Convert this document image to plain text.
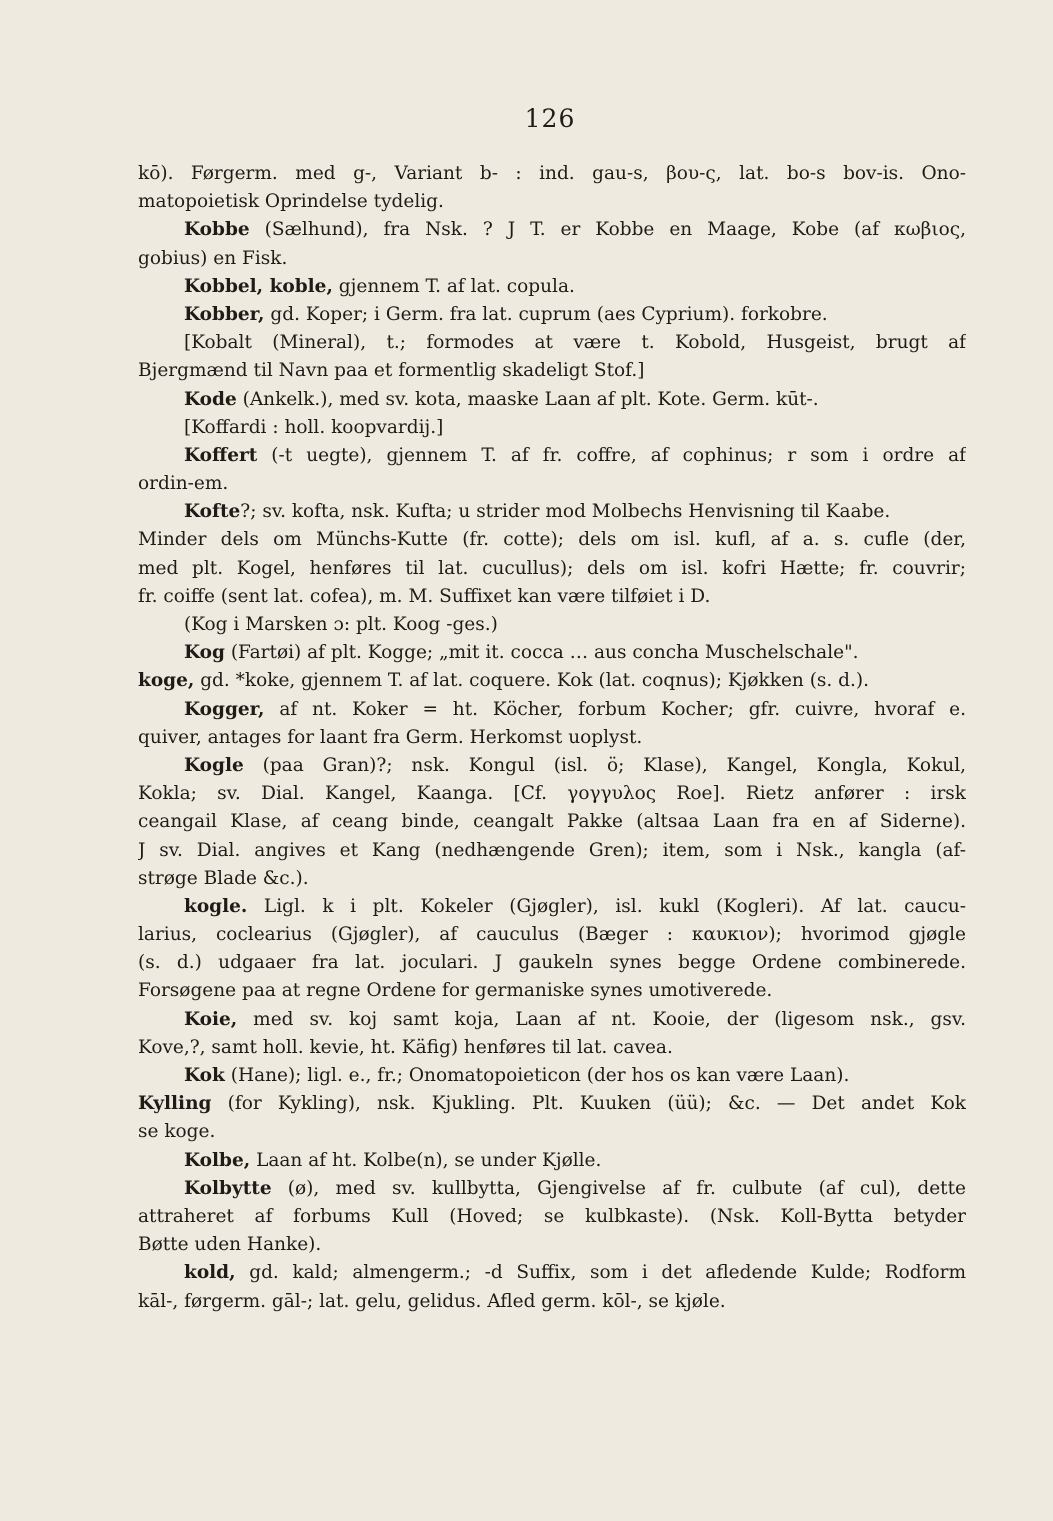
126

kō). Førgerm. med g-, Variant b- : ind. gau-s, βου-ς, lat. bo-s bov-is. Ono-

matopoietisk Oprindelse tydelig.

Kobbe (Sælhund), fra Nsk. ? J T. er Kobbe en Maage, Kobe (af κωβιος,

gobius) en Fisk.

Kobbel, koble, gjennem T. af lat. copula.

Kobber, gd. Koper; i Germ. fra lat. cuprum (aes Cyprium). forkobre.

[Kobalt (Mineral), t.; formodes at være t. Kobold, Husgeist, brugt af

Bjergmænd til Navn paa et formentlig skadeligt Stof.]

Kode (Ankelk.), med sv. kota, maaske Laan af plt. Kote. Germ. kūt-.

[Koffardi : holl. koopvardij.]

Koffert (-t uegte), gjennem T. af fr. coffre, af cophinus; r som i ordre af

ordin-em.

Kofte?; sv. kofta, nsk. Kufta; u strider mod Molbechs Henvisning til Kaabe.

Minder dels om Münchs-Kutte (fr. cotte); dels om isl. kufl, af a. s. cufle (der,

med plt. Kogel, henføres til lat. cucullus); dels om isl. kofri Hætte; fr. couvrir;

fr. coiffe (sent lat. cofea), m. M. Suffixet kan være tilføiet i D.

(Kog i Marsken ɔ: plt. Koog -ges.)

Kog (Fartøi) af plt. Kogge; „mit it. cocca … aus concha Muschelschale".

koge, gd. *koke, gjennem T. af lat. coquere. Kok (lat. coqnus); Kjøkken (s. d.).

Kogger, af nt. Koker = ht. Köcher, forbum Kocher; gfr. cuivre, hvoraf e.

quiver, antages for laant fra Germ. Herkomst uoplyst.

Kogle (paa Gran)?; nsk. Kongul (isl. ö; Klase), Kangel, Kongla, Kokul,

Kokla; sv. Dial. Kangel, Kaanga. [Cf. γογγυλος Roe]. Rietz anfører : irsk

ceangail Klase, af ceang binde, ceangalt Pakke (altsaa Laan fra en af Siderne).

J sv. Dial. angives et Kang (nedhængende Gren); item, som i Nsk., kangla (af-

strøge Blade &c.).

kogle. Ligl. k i plt. Kokeler (Gjøgler), isl. kukl (Kogleri). Af lat. caucu-

larius, coclearius (Gjøgler), af cauculus (Bæger : καυκιον); hvorimod gjøgle

(s. d.) udgaaer fra lat. joculari. J gaukeln synes begge Ordene combinerede.

Forsøgene paa at regne Ordene for germaniske synes umotiverede.

Koie, med sv. koj samt koja, Laan af nt. Kooie, der (ligesom nsk., gsv.

Kove,?, samt holl. kevie, ht. Käfig) henføres til lat. cavea.

Kok (Hane); ligl. e., fr.; Onomatopoieticon (der hos os kan være Laan).

Kylling (for Kykling), nsk. Kjukling. Plt. Kuuken (üü); &c. — Det andet Kok

se koge.

Kolbe, Laan af ht. Kolbe(n), se under Kjølle.

Kolbytte (ø), med sv. kullbytta, Gjengivelse af fr. culbute (af cul), dette

attraheret af forbums Kull (Hoved; se kulbkaste). (Nsk. Koll-Bytta betyder

Bøtte uden Hanke).

kold, gd. kald; almengerm.; -d Suffix, som i det afledende Kulde; Rodform

kāl-, førgerm. gāl-; lat. gelu, gelidus. Afled germ. kōl-, se kjøle.
